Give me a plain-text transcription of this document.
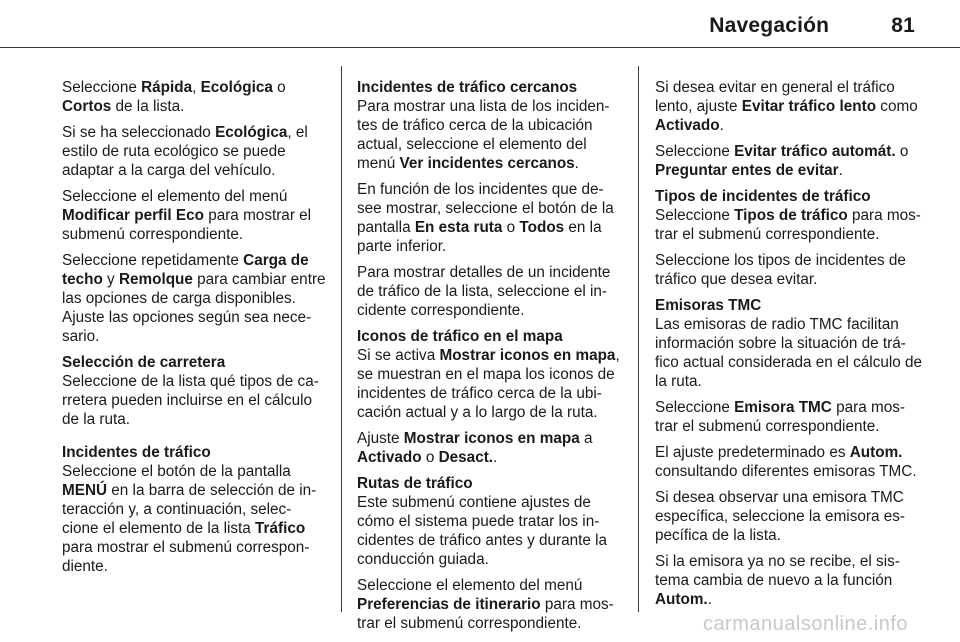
Navegación	81

Seleccione Rápida, Ecológica o Cortos de la lista.

Si se ha seleccionado Ecológica, el estilo de ruta ecológico se puede adaptar a la carga del vehículo.

Seleccione el elemento del menú Modificar perfil Eco para mostrar el submenú correspondiente.

Seleccione repetidamente Carga de techo y Remolque para cambiar entre las opciones de carga disponibles. Ajuste las opciones según sea nece-sario.

Selección de carretera
Seleccione de la lista qué tipos de ca-rretera pueden incluirse en el cálculo de la ruta.

Incidentes de tráfico
Seleccione el botón de la pantalla MENÚ en la barra de selección de in-teracción y, a continuación, selec-cione el elemento de la lista Tráfico para mostrar el submenú correspon-diente.

Incidentes de tráfico cercanos
Para mostrar una lista de los inciden-tes de tráfico cerca de la ubicación actual, seleccione el elemento del menú Ver incidentes cercanos.

En función de los incidentes que de-see mostrar, seleccione el botón de la pantalla En esta ruta o Todos en la parte inferior.

Para mostrar detalles de un incidente de tráfico de la lista, seleccione el in-cidente correspondiente.

Iconos de tráfico en el mapa
Si se activa Mostrar iconos en mapa, se muestran en el mapa los iconos de incidentes de tráfico cerca de la ubi-cación actual y a lo largo de la ruta.

Ajuste Mostrar iconos en mapa a Activado o Desact..

Rutas de tráfico
Este submenú contiene ajustes de cómo el sistema puede tratar los in-cidentes de tráfico antes y durante la conducción guiada.

Seleccione el elemento del menú Preferencias de itinerario para mos-trar el submenú correspondiente.

Si desea evitar en general el tráfico lento, ajuste Evitar tráfico lento como Activado.

Seleccione Evitar tráfico automát. o Preguntar entes de evitar.

Tipos de incidentes de tráfico
Seleccione Tipos de tráfico para mos-trar el submenú correspondiente.

Seleccione los tipos de incidentes de tráfico que desea evitar.

Emisoras TMC
Las emisoras de radio TMC facilitan información sobre la situación de trá-fico actual considerada en el cálculo de la ruta.

Seleccione Emisora TMC para mos-trar el submenú correspondiente.

El ajuste predeterminado es Autom. consultando diferentes emisoras TMC.

Si desea observar una emisora TMC específica, seleccione la emisora es-pecífica de la lista.

Si la emisora ya no se recibe, el sis-tema cambia de nuevo a la función Autom..

carmanualsonline.info
